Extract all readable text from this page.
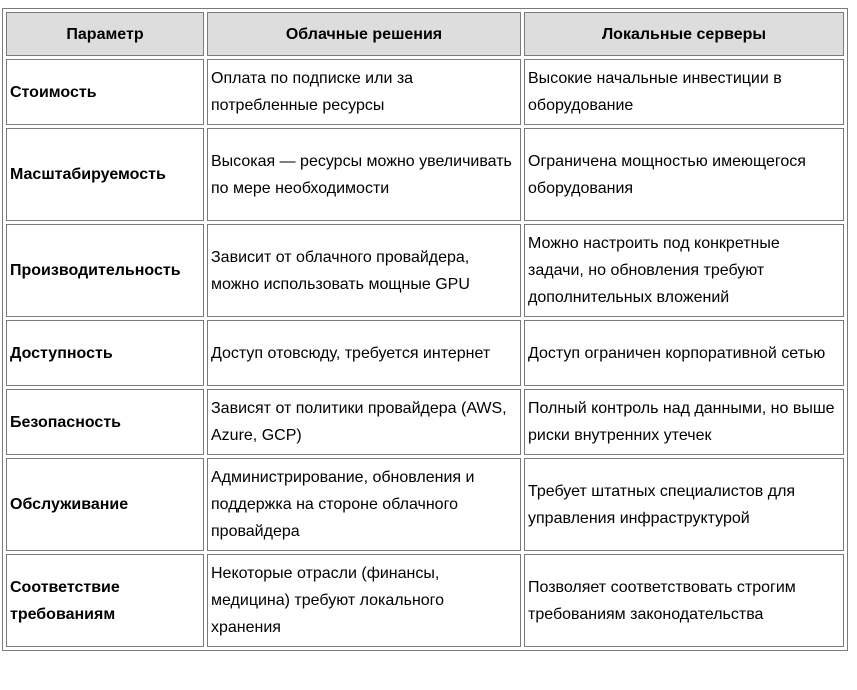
Параметр	Облачные решения	Локальные серверы
Стоимость	Оплата по подписке или за потребленные ресурсы	Высокие начальные инвестиции в оборудование
Масштабируемость	Высокая — ресурсы можно увеличивать по мере необходимости	Ограничена мощностью имеющегося оборудования
Производительность	Зависит от облачного провайдера, можно использовать мощные GPU	Можно настроить под конкретные задачи, но обновления требуют дополнительных вложений
Доступность	Доступ отовсюду, требуется интернет	Доступ ограничен корпоративной сетью
Безопасность	Зависят от политики провайдера (AWS, Azure, GCP)	Полный контроль над данными, но выше риски внутренних утечек
Обслуживание	Администрирование, обновления и поддержка на стороне облачного провайдера	Требует штатных специалистов для управления инфраструктурой
Соответствие требованиям	Некоторые отрасли (финансы, медицина) требуют локального хранения	Позволяет соответствовать строгим требованиям законодательства
